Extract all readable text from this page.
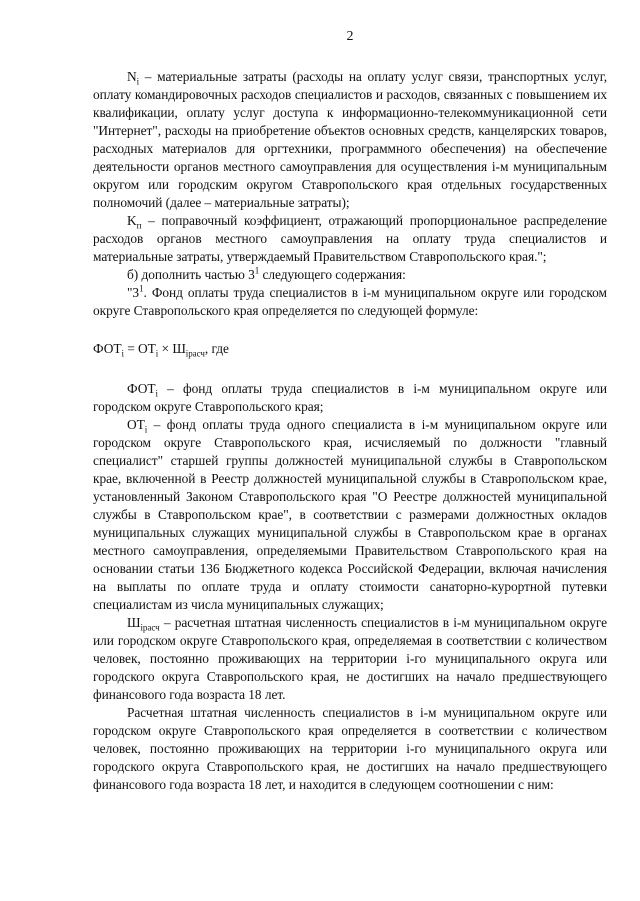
2

$N_i$ – материальные затраты (расходы на оплату услуг связи, транспортных услуг, оплату командировочных расходов специалистов и расходов, связанных с повышением их квалификации, оплату услуг доступа к информационно-телекоммуникационной сети "Интернет", расходы на приобретение объектов основных средств, канцелярских товаров, расходных материалов для оргтехники, программного обеспечения) на обеспечение деятельности органов местного самоуправления для осуществления i-м муниципальным округом или городским округом Ставропольского края отдельных государственных полномочий (далее – материальные затраты);

$K_п$ – поправочный коэффициент, отражающий пропорциональное распределение расходов органов местного самоуправления на оплату труда специалистов и материальные затраты, утверждаемый Правительством Ставропольского края.";

б) дополнить частью $3^1$ следующего содержания:

"$3^1$. Фонд оплаты труда специалистов в i-м муниципальном округе или городском округе Ставропольского края определяется по следующей формуле:

$ФОТ_i = ОТ_i \times Ш_{iрасч}$, где

$ФОТ_i$ – фонд оплаты труда специалистов в i-м муниципальном округе или городском округе Ставропольского края;

$ОТ_i$ – фонд оплаты труда одного специалиста в i-м муниципальном округе или городском округе Ставропольского края, исчисляемый по должности "главный специалист" старшей группы должностей муниципальной службы в Ставропольском крае, включенной в Реестр должностей муниципальной службы в Ставропольском крае, установленный Законом Ставропольского края "О Реестре должностей муниципальной службы в Ставропольском крае", в соответствии с размерами должностных окладов муниципальных служащих муниципальной службы в Ставропольском крае в органах местного самоуправления, определяемыми Правительством Ставропольского края на основании статьи 136 Бюджетного кодекса Российской Федерации, включая начисления на выплаты по оплате труда и оплату стоимости санаторно-курортной путевки специалистам из числа муниципальных служащих;

$Ш_{iрасч}$ – расчетная штатная численность специалистов в i-м муниципальном округе или городском округе Ставропольского края, определяемая в соответствии с количеством человек, постоянно проживающих на территории i-го муниципального округа или городского округа Ставропольского края, не достигших на начало предшествующего финансового года возраста 18 лет.

Расчетная штатная численность специалистов в i-м муниципальном округе или городском округе Ставропольского края определяется в соответствии с количеством человек, постоянно проживающих на территории i-го муниципального округа или городского округа Ставропольского края, не достигших на начало предшествующего финансового года возраста 18 лет, и находится в следующем соотношении с ним:
